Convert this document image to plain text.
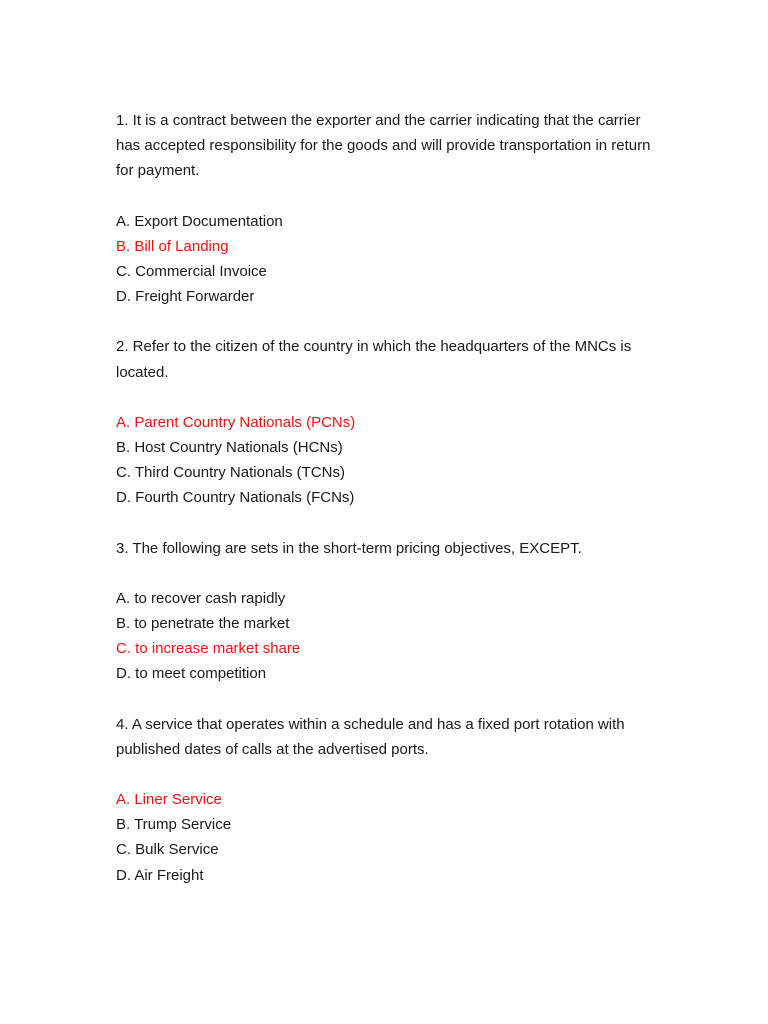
1. It is a contract between the exporter and the carrier indicating that the carrier has accepted responsibility for the goods and will provide transportation in return for payment.

A. Export Documentation
B. Bill of Landing
C. Commercial Invoice
D. Freight Forwarder

2. Refer to the citizen of the country in which the headquarters of the MNCs is located.

A. Parent Country Nationals (PCNs)
B. Host Country Nationals (HCNs)
C. Third Country Nationals (TCNs)
D. Fourth Country Nationals (FCNs)

3. The following are sets in the short-term pricing objectives, EXCEPT.

A. to recover cash rapidly
B. to penetrate the market
C. to increase market share
D. to meet competition

4. A service that operates within a schedule and has a fixed port rotation with published dates of calls at the advertised ports.

A. Liner Service
B. Trump Service
C. Bulk Service
D. Air Freight
